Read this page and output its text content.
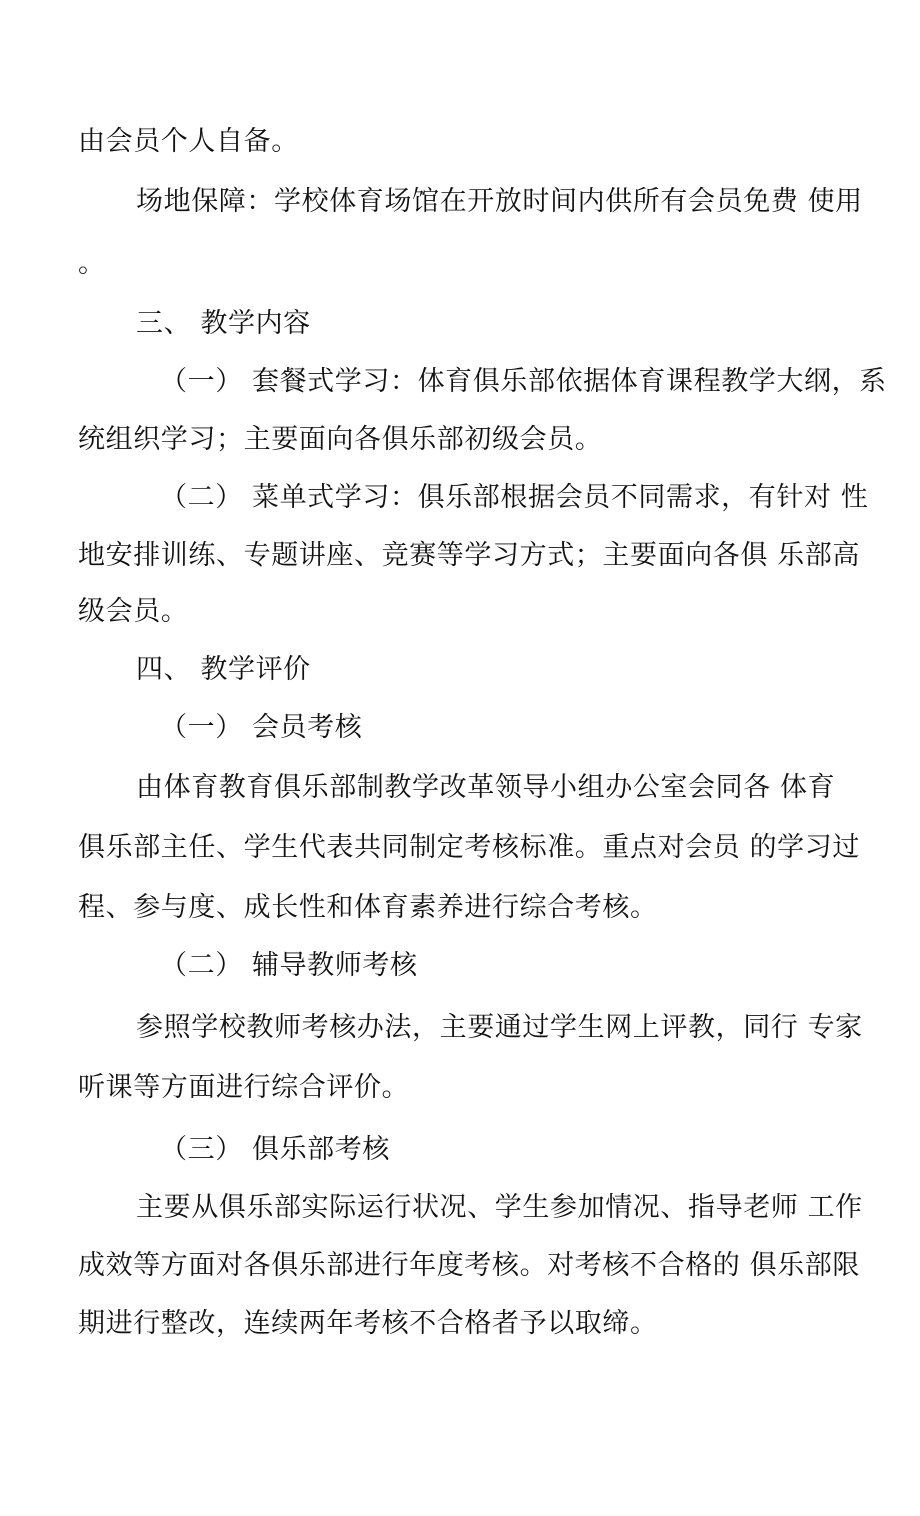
由会员个人自备。
场地保障：学校体育场馆在开放时间内供所有会员免费 使用
。
三、 教学内容
（一） 套餐式学习：体育俱乐部依据体育课程教学大纲，系
统组织学习；主要面向各俱乐部初级会员。
（二） 菜单式学习：俱乐部根据会员不同需求，有针对 性
地安排训练、专题讲座、竞赛等学习方式；主要面向各俱 乐部高
级会员。
四、 教学评价
（一） 会员考核
由体育教育俱乐部制教学改革领导小组办公室会同各 体育
俱乐部主任、学生代表共同制定考核标准。重点对会员 的学习过
程、参与度、成长性和体育素养进行综合考核。
（二） 辅导教师考核
参照学校教师考核办法，主要通过学生网上评教，同行 专家
听课等方面进行综合评价。
（三） 俱乐部考核
主要从俱乐部实际运行状况、学生参加情况、指导老师 工作
成效等方面对各俱乐部进行年度考核。对考核不合格的 俱乐部限
期进行整改，连续两年考核不合格者予以取缔。
